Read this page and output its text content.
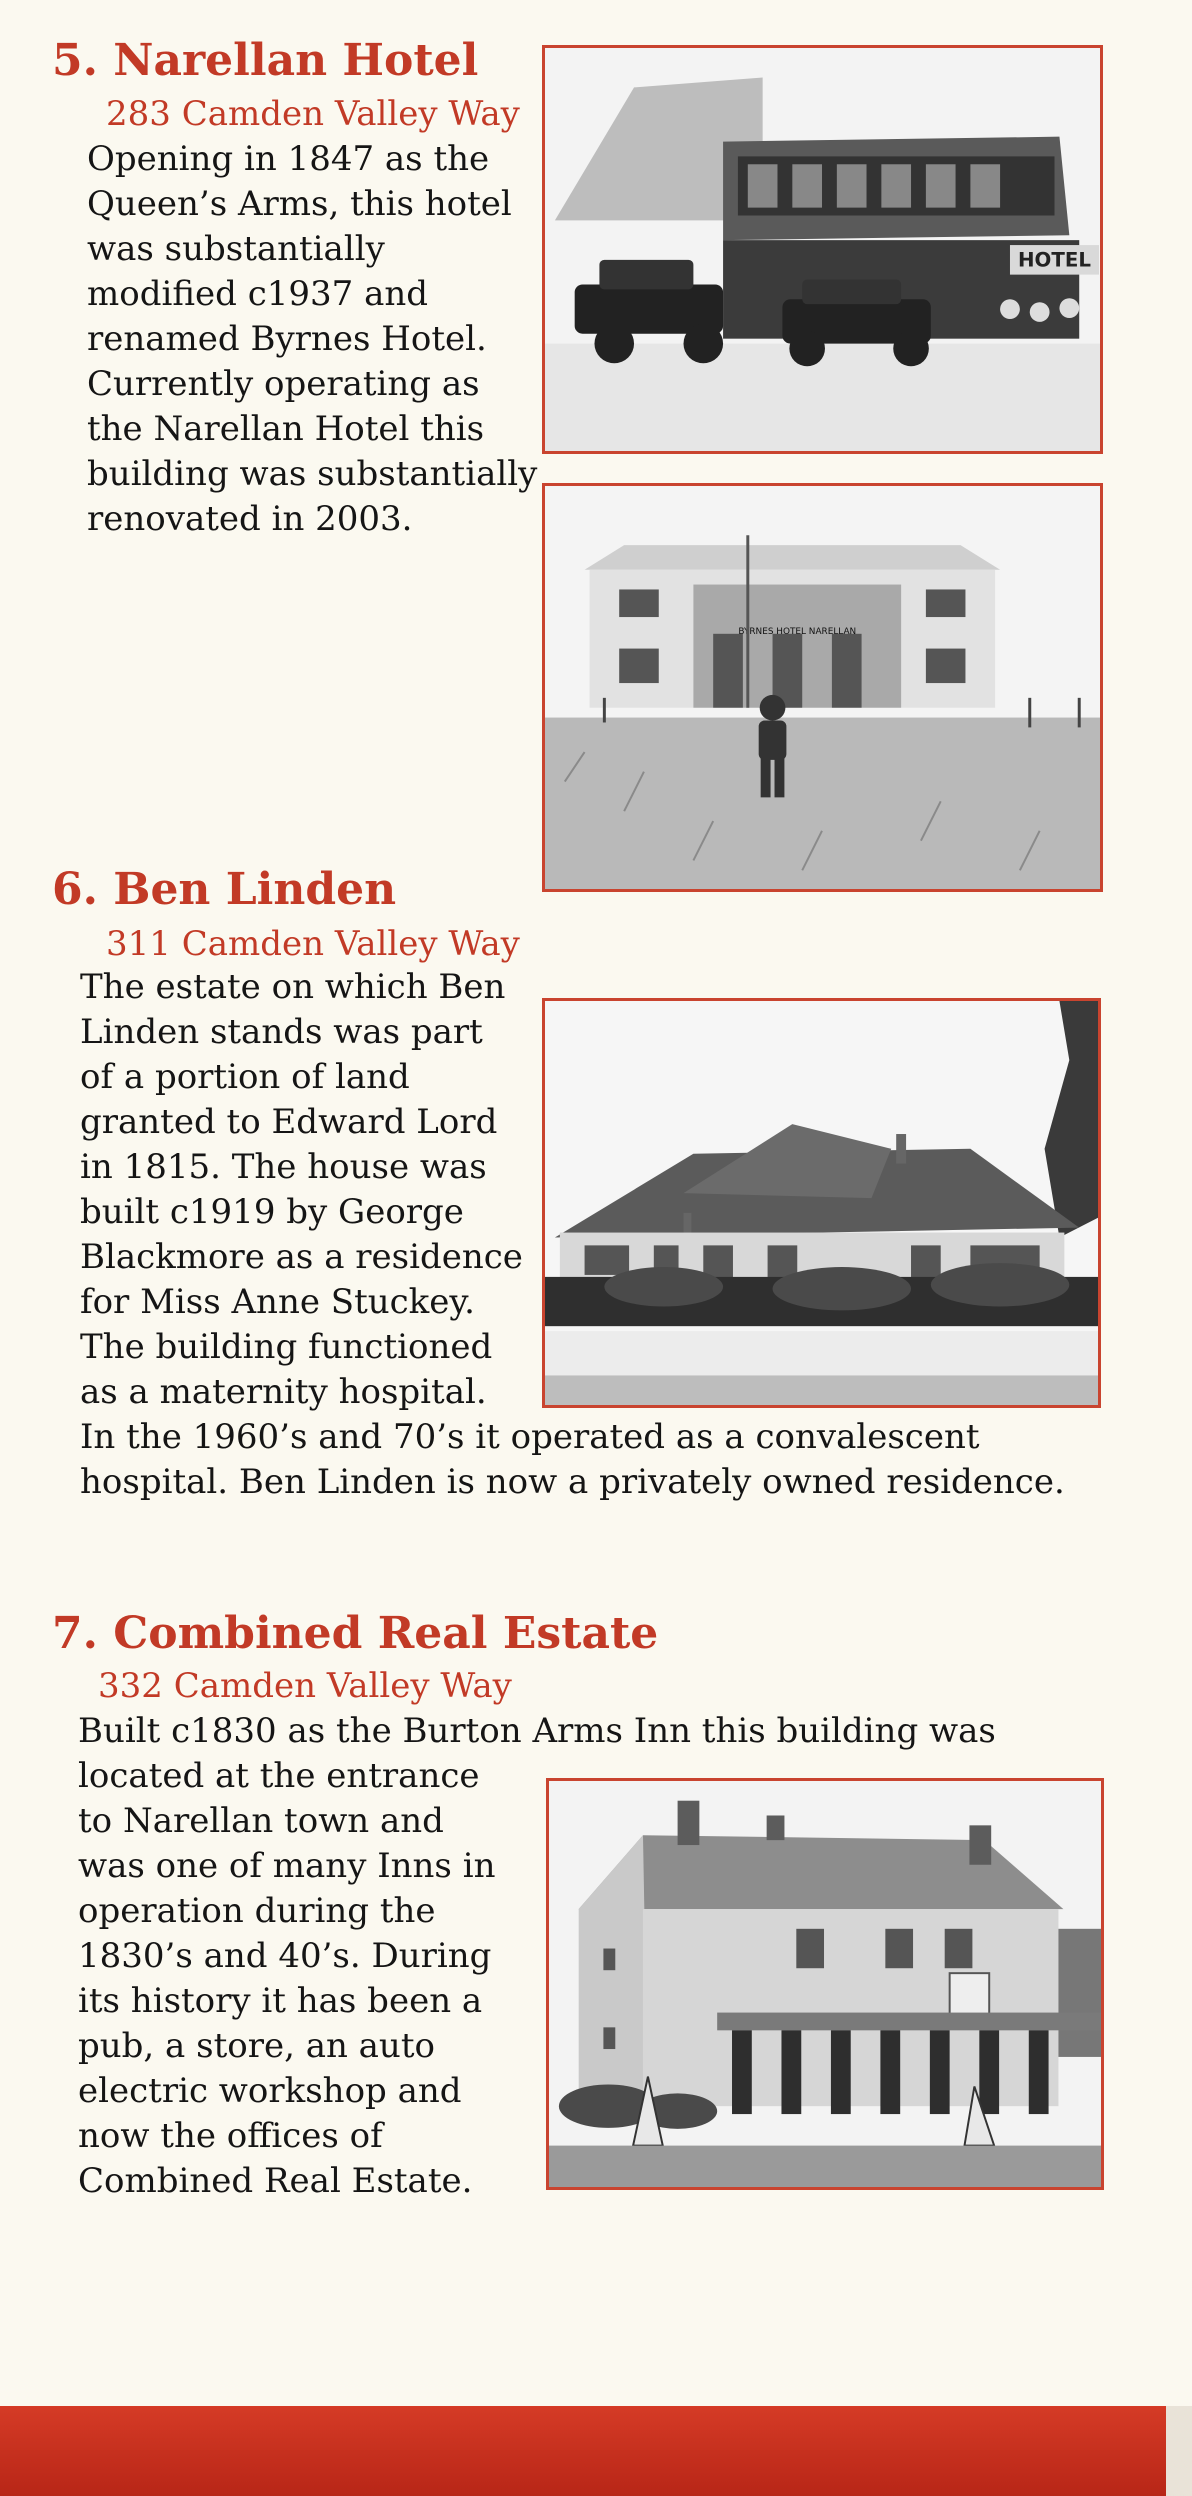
5. Narellan Hotel
283 Camden Valley Way
Opening in 1847 as the
Queen’s Arms, this hotel
was substantially
modified c1937 and
renamed Byrnes Hotel.
Currently operating as
the Narellan Hotel this
building was substantially
renovated in 2003.
HOTEL
BYRNES HOTEL NARELLAN
6. Ben Linden
311 Camden Valley Way
The estate on which Ben
Linden stands was part
of a portion of land
granted to Edward Lord
in 1815. The house was
built c1919 by George
Blackmore as a residence
for Miss Anne Stuckey.
The building functioned
as a maternity hospital.
In the 1960’s and 70’s it operated as a convalescent
hospital. Ben Linden is now a privately owned residence.
7. Combined Real Estate
332 Camden Valley Way
Built c1830 as the Burton Arms Inn this building was
located at the entrance
to Narellan town and
was one of many Inns in
operation during the
1830’s and 40’s. During
its history it has been a
pub, a store, an auto
electric workshop and
now the offices of
Combined Real Estate.
